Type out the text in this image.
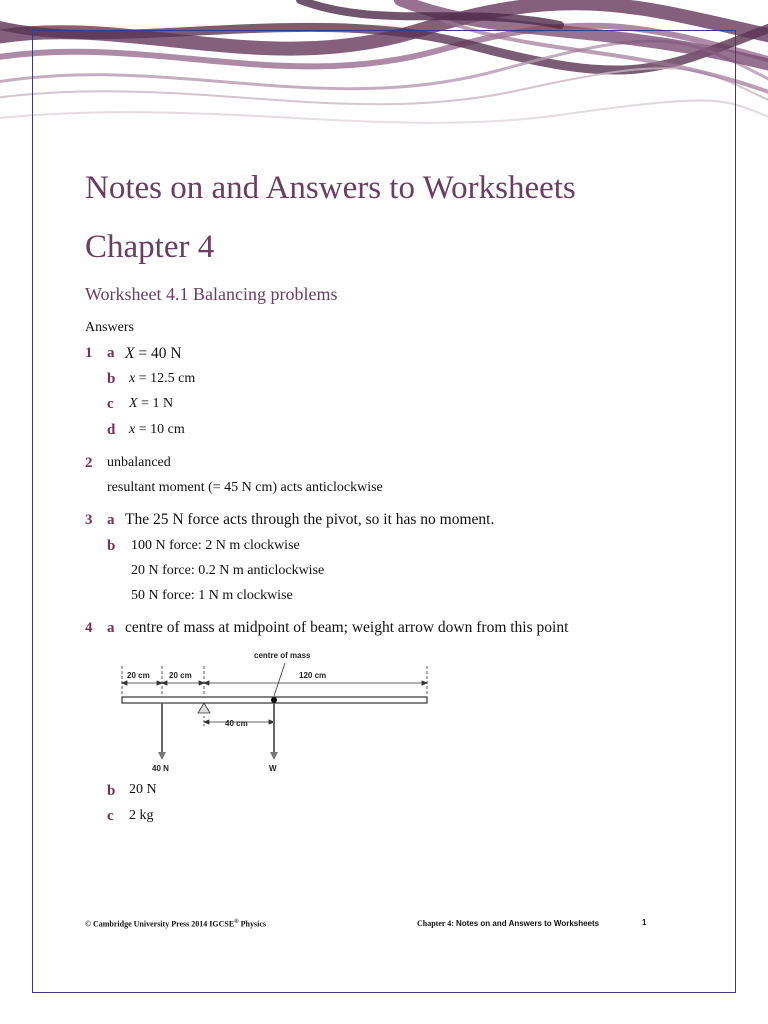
Notes on and Answers to Worksheets
Chapter 4
Worksheet 4.1 Balancing problems
Answers
1 a X = 40 N
b x = 12.5 cm
c X = 1 N
d x = 10 cm
2 unbalanced
resultant moment (= 45 N cm) acts anticlockwise
3 a The 25 N force acts through the pivot, so it has no moment.
b 100 N force: 2 N m clockwise
20 N force: 0.2 N m anticlockwise
50 N force: 1 N m clockwise
4 a centre of mass at midpoint of beam; weight arrow down from this point
centre of mass
20 cm 20 cm	120 cm
40 cm
40 N	W
b 20 N
c 2 kg
© Cambridge University Press 2014 IGCSE® Physics	Chapter 4: Notes on and Answers to Worksheets	1
